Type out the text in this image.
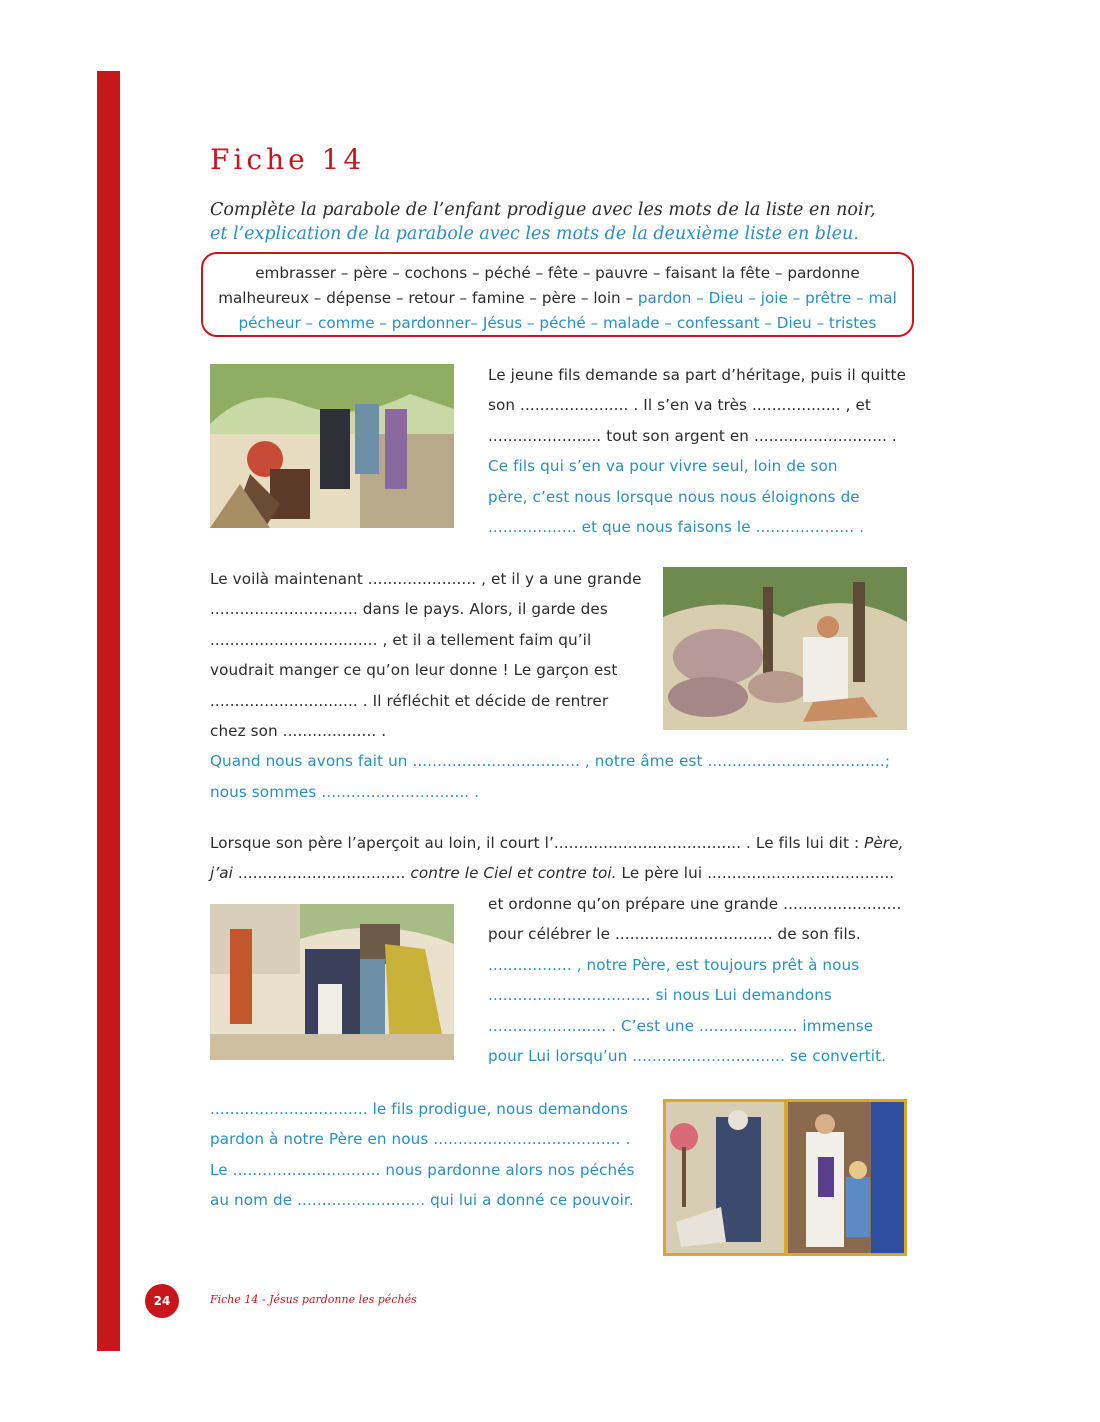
Fiche 14
Complète la parabole de l’enfant prodigue avec les mots de la liste en noir,
et l’explication de la parabole avec les mots de la deuxième liste en bleu.
embrasser – père – cochons – péché – fête – pauvre – faisant la fête – pardonne
malheureux – dépense – retour – famine – père – loin – pardon – Dieu – joie – prêtre – mal
pécheur – comme – pardonner– Jésus – péché – malade – confessant – Dieu – tristes

Le jeune fils demande sa part d’héritage, puis il quitte

son ...................... . Il s’en va très .................. , et

....................... tout son argent en ........................... .

Ce fils qui s’en va pour vivre seul, loin de son

père, c’est nous lorsque nous nous éloignons de

.................. et que nous faisons le .................... .

Le voilà maintenant ...................... , et il y a une grande

.............................. dans le pays. Alors, il garde des

.................................. , et il a tellement faim qu’il

voudrait manger ce qu’on leur donne ! Le garçon est

.............................. . Il réfléchit et décide de rentrer

chez son ................... .

Quand nous avons fait un .................................. , notre âme est ....................................;

nous sommes .............................. .

Lorsque son père l’aperçoit au loin, il court l’...................................... . Le fils lui dit : Père,

j’ai .................................. contre le Ciel et contre toi. Le père lui ......................................

et ordonne qu’on prépare une grande ........................

pour célébrer le ................................ de son fils.

................. , notre Père, est toujours prêt à nous

................................. si nous Lui demandons

........................ . C’est une .................... immense

pour Lui lorsqu’un ............................... se convertit.

................................ le fils prodigue, nous demandons

pardon à notre Père en nous ...................................... .

Le .............................. nous pardonne alors nos péchés

au nom de .......................... qui lui a donné ce pouvoir.

24	Fiche 14 - Jésus pardonne les péchés
